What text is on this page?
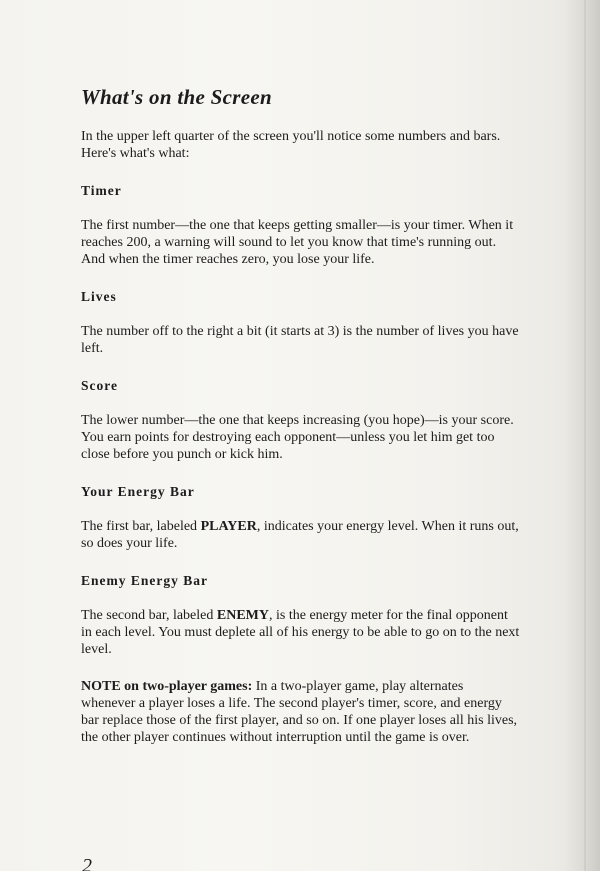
What's on the Screen

In the upper left quarter of the screen you'll notice some numbers and bars. Here's what's what:

Timer

The first number—the one that keeps getting smaller—is your timer. When it reaches 200, a warning will sound to let you know that time's running out. And when the timer reaches zero, you lose your life.

Lives

The number off to the right a bit (it starts at 3) is the number of lives you have left.

Score

The lower number—the one that keeps increasing (you hope)—is your score. You earn points for destroying each opponent—unless you let him get too close before you punch or kick him.

Your Energy Bar

The first bar, labeled PLAYER, indicates your energy level. When it runs out, so does your life.

Enemy Energy Bar

The second bar, labeled ENEMY, is the energy meter for the final opponent in each level. You must deplete all of his energy to be able to go on to the next level.

NOTE on two-player games: In a two-player game, play alternates whenever a player loses a life. The second player's timer, score, and energy bar replace those of the first player, and so on. If one player loses all his lives, the other player continues without interruption until the game is over.

2
